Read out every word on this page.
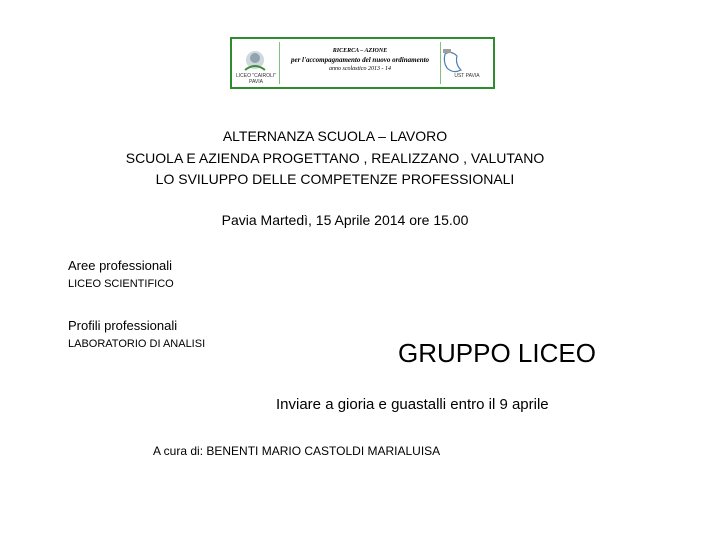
LICEO "CAIROLI" PAVIA
RICERCA – AZIONE
per l'accompagnamento del nuovo ordinamento
anno scolastico 2013 - 14
UST PAVIA
ALTERNANZA SCUOLA – LAVORO
SCUOLA E AZIENDA PROGETTANO , REALIZZANO , VALUTANO
LO SVILUPPO DELLE COMPETENZE PROFESSIONALI
Pavia Martedì, 15 Aprile 2014 ore 15.00
Aree professionali
LICEO SCIENTIFICO
Profili professionali
LABORATORIO DI ANALISI	GRUPPO LICEO
Inviare a gioria e guastalli entro il 9 aprile
A cura di: BENENTI MARIO CASTOLDI MARIALUISA
